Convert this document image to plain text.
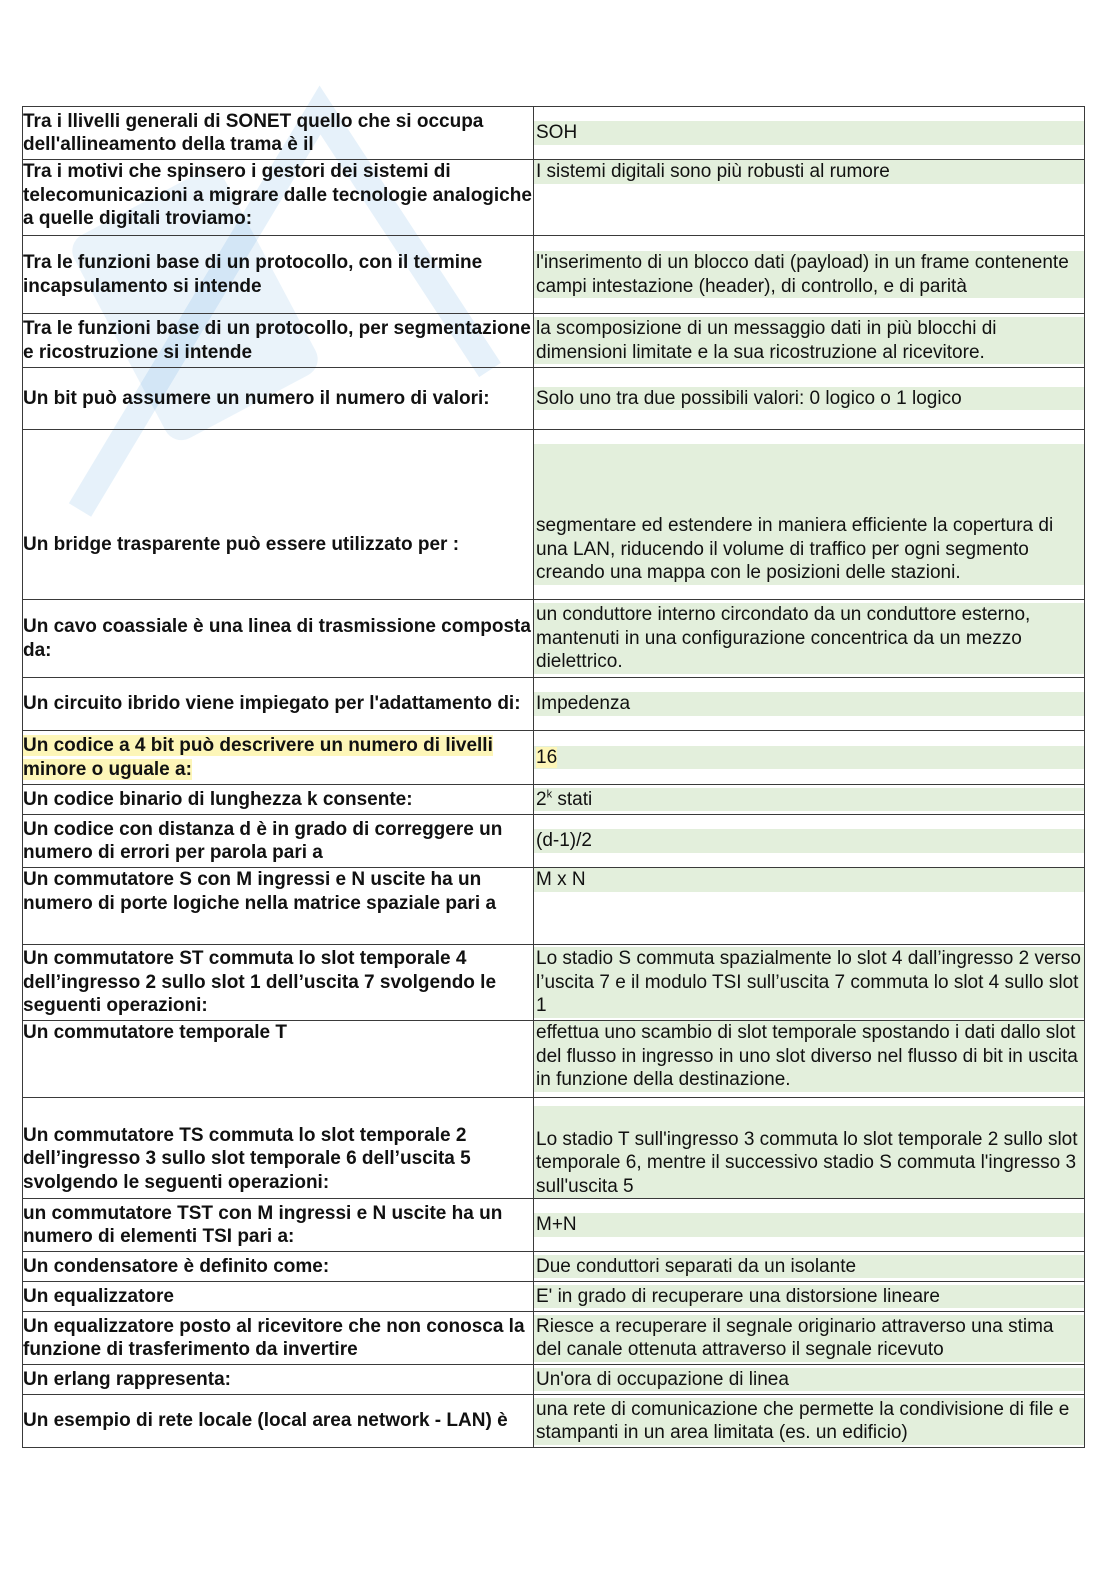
Tra i llivelli generali di SONET quello che si occupa dell'allineamento della trama è il	SOH

Tra i motivi che spinsero i gestori dei sistemi di telecomunicazioni a migrare dalle tecnologie analogiche a quelle digitali troviamo:	I sistemi digitali sono più robusti al rumore

Tra le funzioni base di un protocollo, con il termine incapsulamento si intende	l'inserimento di un blocco dati (payload) in un frame contenente campi intestazione (header), di controllo, e di parità

Tra le funzioni base di un protocollo, per segmentazione e ricostruzione si intende	la scomposizione di un messaggio dati in più blocchi di dimensioni limitate e la sua ricostruzione al ricevitore.

Un bit può assumere un numero il numero di valori:	Solo uno tra due possibili valori: 0 logico o 1 logico

Un bridge trasparente può essere utilizzato per :	segmentare ed estendere in maniera efficiente la copertura di una LAN, riducendo il volume di traffico per ogni segmento creando una mappa con le posizioni delle stazioni.

Un cavo coassiale è una linea di trasmissione composta da:	un conduttore interno circondato da un conduttore esterno, mantenuti in una configurazione concentrica da un mezzo dielettrico.

Un circuito ibrido viene impiegato per l'adattamento di:	Impedenza

Un codice a 4 bit può descrivere un numero di livelli minore o uguale a:	16

Un codice binario di lunghezza k consente:	2$^k$ stati

Un codice con distanza d è in grado di correggere un numero di errori per parola pari a	(d-1)/2

Un commutatore S con M ingressi e N uscite ha un numero di porte logiche nella matrice spaziale pari a	M x N

Un commutatore ST commuta lo slot temporale 4 dell’ingresso 2 sullo slot 1 dell’uscita 7 svolgendo le seguenti operazioni:	Lo stadio S commuta spazialmente lo slot 4 dall’ingresso 2 verso l’uscita 7 e il modulo TSI sull’uscita 7 commuta lo slot 4 sullo slot 1

Un commutatore temporale T	effettua uno scambio di slot temporale spostando i dati dallo slot del flusso in ingresso in uno slot diverso nel flusso di bit in uscita in funzione della destinazione.

Un commutatore TS commuta lo slot temporale 2 dell’ingresso 3 sullo slot temporale 6 dell’uscita 5 svolgendo le seguenti operazioni:	Lo stadio T sull'ingresso 3 commuta lo slot temporale 2 sullo slot temporale 6, mentre il successivo stadio S commuta l'ingresso 3 sull'uscita 5

un commutatore TST con M ingressi e N uscite ha un numero di elementi TSI pari a:	M+N

Un condensatore è definito come:	Due conduttori separati da un isolante

Un equalizzatore	E' in grado di recuperare una distorsione lineare

Un equalizzatore posto al ricevitore che non conosca la funzione di trasferimento da invertire	Riesce a recuperare il segnale originario attraverso una stima del canale ottenuta attraverso il segnale ricevuto

Un erlang rappresenta:	Un'ora di occupazione di linea

Un esempio di rete locale (local area network - LAN) è	una rete di comunicazione che permette la condivisione di file e stampanti in un area limitata (es. un edificio)
